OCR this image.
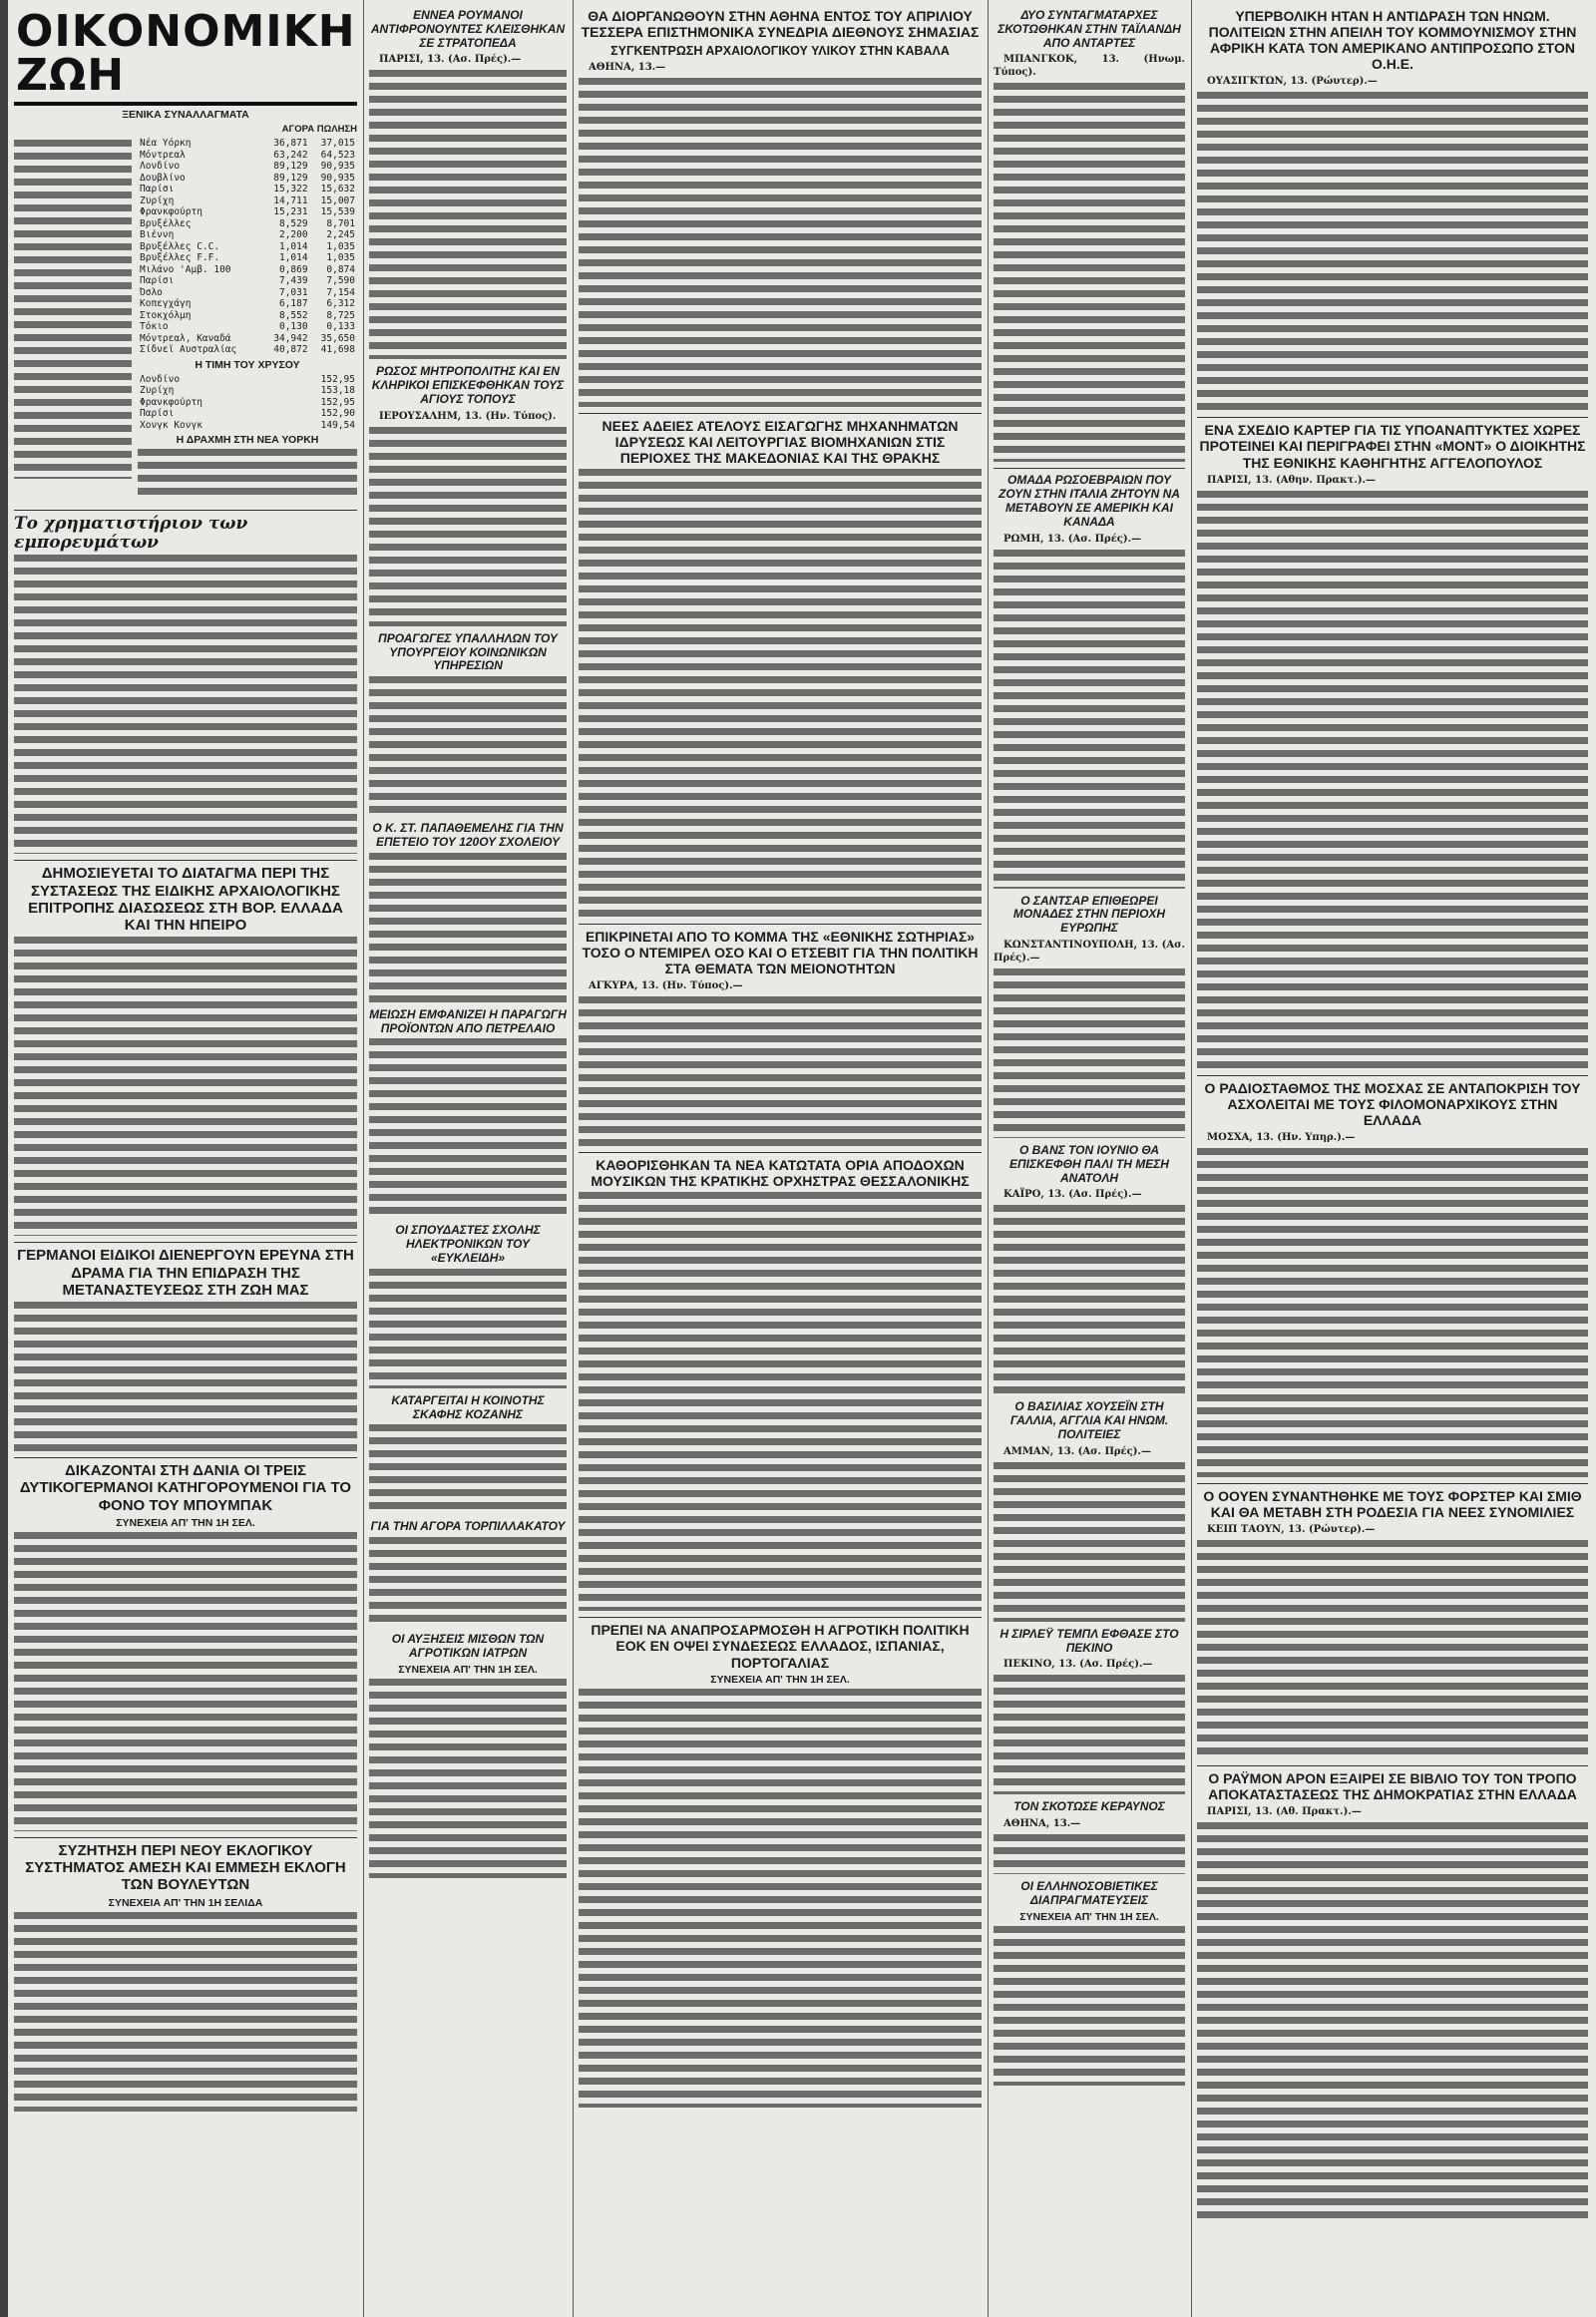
ΟΙΚΟΝΟΜΙΚΗ ΖΩΗ
ΞΕΝΙΚΑ ΣΥΝΑΛΛΑΓΜΑΤΑ
ΑΓΟΡΑ ΠΩΛΗΣΗ
Νέα Υόρκη	36,871	37,015
Μόντρεαλ	63,242	64,523
Λονδίνο	89,129	90,935
Δουβλίνο	89,129	90,935
Παρίσι	15,322	15,632
Ζυρίχη	14,711	15,007
Φρανκφούρτη	15,231	15,539
Βρυξέλλες	8,529	8,701
Βιέννη	2,200	2,245
Βρυξέλλες C.C.	1,014	1,035
Βρυξέλλες F.F.	1,014	1,035
Μιλάνο 'Αμβ. 100	0,869	0,874
Παρίσι	7,439	7,590
Όσλο	7,031	7,154
Κοπεγχάγη	6,187	6,312
Στοκχόλμη	8,552	8,725
Τόκιο	0,130	0,133
Μόντρεαλ, Καναδά	34,942	35,650
Σίδνεϊ Αυστραλίας	40,872	41,698
Η ΤΙΜΗ ΤΟΥ ΧΡΥΣΟΥ
Λονδίνο	152,95
Ζυρίχη	153,18
Φρανκφούρτη	152,95
Παρίσι	152,90
Χονγκ Κονγκ	149,54
Η ΔΡΑΧΜΗ ΣΤΗ ΝΕΑ ΥΟΡΚΗ
Το χρηματιστήριον των εμπορευμάτων
ΔΗΜΟΣΙΕΥΕΤΑΙ ΤΟ ΔΙΑΤΑΓΜΑ ΠΕΡΙ ΤΗΣ ΣΥΣΤΑΣΕΩΣ ΤΗΣ ΕΙΔΙΚΗΣ ΑΡΧΑΙΟΛΟΓΙΚΗΣ ΕΠΙΤΡΟΠΗΣ ΔΙΑΣΩΣΕΩΣ ΣΤΗ ΒΟΡ. ΕΛΛΑΔΑ ΚΑΙ ΤΗΝ ΗΠΕΙΡΟ
ΓΕΡΜΑΝΟΙ ΕΙΔΙΚΟΙ ΔΙΕΝΕΡΓΟΥΝ ΕΡΕΥΝΑ ΣΤΗ ΔΡΑΜΑ ΓΙΑ ΤΗΝ ΕΠΙΔΡΑΣΗ ΤΗΣ ΜΕΤΑΝΑΣΤΕΥΣΕΩΣ ΣΤΗ ΖΩΗ ΜΑΣ
ΔΙΚΑΖΟΝΤΑΙ ΣΤΗ ΔΑΝΙΑ ΟΙ ΤΡΕΙΣ ΔΥΤΙΚΟΓΕΡΜΑΝΟΙ ΚΑΤΗΓΟΡΟΥΜΕΝΟΙ ΓΙΑ ΤΟ ΦΟΝΟ ΤΟΥ ΜΠΟΥΜΠΑΚ
ΣΥΝΕΧΕΙΑ ΑΠ' ΤΗΝ 1Η ΣΕΛ.
ΣΥΖΗΤΗΣΗ ΠΕΡΙ ΝΕΟΥ ΕΚΛΟΓΙΚΟΥ ΣΥΣΤΗΜΑΤΟΣ ΑΜΕΣΗ ΚΑΙ ΕΜΜΕΣΗ ΕΚΛΟΓΗ ΤΩΝ ΒΟΥΛΕΥΤΩΝ
ΣΥΝΕΧΕΙΑ ΑΠ' ΤΗΝ 1Η ΣΕΛΙΔΑ
ΕΝΝΕΑ ΡΟΥΜΑΝΟΙ ΑΝΤΙΦΡΟΝΟΥΝΤΕΣ ΚΛΕΙΣΘΗΚΑΝ ΣΕ ΣΤΡΑΤΟΠΕΔΑ
ΠΑΡΙΣΙ, 13. (Ασ. Πρές).—
ΡΩΣΟΣ ΜΗΤΡΟΠΟΛΙΤΗΣ ΚΑΙ ΕΝ ΚΛΗΡΙΚΟΙ ΕΠΙΣΚΕΦΘΗΚΑΝ ΤΟΥΣ ΑΓΙΟΥΣ ΤΟΠΟΥΣ
ΙΕΡΟΥΣΑΛΗΜ, 13. (Ην. Τύπος).
ΠΡΟΑΓΩΓΕΣ ΥΠΑΛΛΗΛΩΝ ΤΟΥ ΥΠΟΥΡΓΕΙΟΥ ΚΟΙΝΩΝΙΚΩΝ ΥΠΗΡΕΣΙΩΝ
Ο Κ. ΣΤ. ΠΑΠΑΘΕΜΕΛΗΣ ΓΙΑ ΤΗΝ ΕΠΕΤΕΙΟ ΤΟΥ 120ΟΥ ΣΧΟΛΕΙΟΥ
ΜΕΙΩΣΗ ΕΜΦΑΝΙΖΕΙ Η ΠΑΡΑΓΩΓΗ ΠΡΟΪΟΝΤΩΝ ΑΠΟ ΠΕΤΡΕΛΑΙΟ
ΟΙ ΣΠΟΥΔΑΣΤΕΣ ΣΧΟΛΗΣ ΗΛΕΚΤΡΟΝΙΚΩΝ ΤΟΥ «ΕΥΚΛΕΙΔΗ»
ΚΑΤΑΡΓΕΙΤΑΙ Η ΚΟΙΝΟΤΗΣ ΣΚΑΦΗΣ ΚΟΖΑΝΗΣ
ΓΙΑ ΤΗΝ ΑΓΟΡΑ ΤΟΡΠΙΛΛΑΚΑΤΟΥ
ΟΙ ΑΥΞΗΣΕΙΣ ΜΙΣΘΩΝ ΤΩΝ ΑΓΡΟΤΙΚΩΝ ΙΑΤΡΩΝ
ΣΥΝΕΧΕΙΑ ΑΠ' ΤΗΝ 1Η ΣΕΛ.
ΘΑ ΔΙΟΡΓΑΝΩΘΟΥΝ ΣΤΗΝ ΑΘΗΝΑ ΕΝΤΟΣ ΤΟΥ ΑΠΡΙΛΙΟΥ ΤΕΣΣΕΡΑ ΕΠΙΣΤΗΜΟΝΙΚΑ ΣΥΝΕΔΡΙΑ ΔΙΕΘΝΟΥΣ ΣΗΜΑΣΙΑΣ
ΣΥΓΚΕΝΤΡΩΣΗ ΑΡΧΑΙΟΛΟΓΙΚΟΥ ΥΛΙΚΟΥ ΣΤΗΝ ΚΑΒΑΛΑ
ΑΘΗΝΑ, 13.—
ΝΕΕΣ ΑΔΕΙΕΣ ΑΤΕΛΟΥΣ ΕΙΣΑΓΩΓΗΣ ΜΗΧΑΝΗΜΑΤΩΝ ΙΔΡΥΣΕΩΣ ΚΑΙ ΛΕΙΤΟΥΡΓΙΑΣ ΒΙΟΜΗΧΑΝΙΩΝ ΣΤΙΣ ΠΕΡΙΟΧΕΣ ΤΗΣ ΜΑΚΕΔΟΝΙΑΣ ΚΑΙ ΤΗΣ ΘΡΑΚΗΣ
ΕΠΙΚΡΙΝΕΤΑΙ ΑΠΟ ΤΟ ΚΟΜΜΑ ΤΗΣ «ΕΘΝΙΚΗΣ ΣΩΤΗΡΙΑΣ» ΤΟΣΟ Ο ΝΤΕΜΙΡΕΛ ΟΣΟ ΚΑΙ Ο ΕΤΣΕΒΙΤ ΓΙΑ ΤΗΝ ΠΟΛΙΤΙΚΗ ΣΤΑ ΘΕΜΑΤΑ ΤΩΝ ΜΕΙΟΝΟΤΗΤΩΝ
ΑΓΚΥΡΑ, 13. (Ην. Τύπος).—
ΚΑΘΟΡΙΣΘΗΚΑΝ ΤΑ ΝΕΑ ΚΑΤΩΤΑΤΑ ΟΡΙΑ ΑΠΟΔΟΧΩΝ ΜΟΥΣΙΚΩΝ ΤΗΣ ΚΡΑΤΙΚΗΣ ΟΡΧΗΣΤΡΑΣ ΘΕΣΣΑΛΟΝΙΚΗΣ
ΠΡΕΠΕΙ ΝΑ ΑΝΑΠΡΟΣΑΡΜΟΣΘΗ Η ΑΓΡΟΤΙΚΗ ΠΟΛΙΤΙΚΗ ΕΟΚ ΕΝ ΟΨΕΙ ΣΥΝΔΕΣΕΩΣ ΕΛΛΑΔΟΣ, ΙΣΠΑΝΙΑΣ, ΠΟΡΤΟΓΑΛΙΑΣ
ΣΥΝΕΧΕΙΑ ΑΠ' ΤΗΝ 1Η ΣΕΛ.
ΔΥΟ ΣΥΝΤΑΓΜΑΤΑΡΧΕΣ ΣΚΟΤΩΘΗΚΑΝ ΣΤΗΝ ΤΑΪΛΑΝΔΗ ΑΠΟ ΑΝΤΑΡΤΕΣ
ΜΠΑΝΓΚΟΚ, 13. (Ηνωμ. Τύπος).
ΟΜΑΔΑ ΡΩΣΟΕΒΡΑΙΩΝ ΠΟΥ ΖΟΥΝ ΣΤΗΝ ΙΤΑΛΙΑ ΖΗΤΟΥΝ ΝΑ ΜΕΤΑΒΟΥΝ ΣΕ ΑΜΕΡΙΚΗ ΚΑΙ ΚΑΝΑΔΑ
ΡΩΜΗ, 13. (Ασ. Πρές).—
Ο ΣΑΝΤΣΑΡ ΕΠΙΘΕΩΡΕΙ ΜΟΝΑΔΕΣ ΣΤΗΝ ΠΕΡΙΟΧΗ ΕΥΡΩΠΗΣ
ΚΩΝΣΤΑΝΤΙΝΟΥΠΟΛΗ, 13. (Ασ. Πρές).—
Ο ΒΑΝΣ ΤΟΝ ΙΟΥΝΙΟ ΘΑ ΕΠΙΣΚΕΦΘΗ ΠΑΛΙ ΤΗ ΜΕΣΗ ΑΝΑΤΟΛΗ
ΚΑΪΡΟ, 13. (Ασ. Πρές).—
Ο ΒΑΣΙΛΙΑΣ ΧΟΥΣΕΪΝ ΣΤΗ ΓΑΛΛΙΑ, ΑΓΓΛΙΑ ΚΑΙ ΗΝΩΜ. ΠΟΛΙΤΕΙΕΣ
ΑΜΜΑΝ, 13. (Ασ. Πρές).—
Η ΣΙΡΛΕΫ ΤΕΜΠΛ ΕΦΘΑΣΕ ΣΤΟ ΠΕΚΙΝΟ
ΠΕΚΙΝΟ, 13. (Ασ. Πρές).—
ΤΟΝ ΣΚΟΤΩΣΕ ΚΕΡΑΥΝΟΣ
ΑΘΗΝΑ, 13.—
ΟΙ ΕΛΛΗΝΟΣΟΒΙΕΤΙΚΕΣ ΔΙΑΠΡΑΓΜΑΤΕΥΣΕΙΣ
ΣΥΝΕΧΕΙΑ ΑΠ' ΤΗΝ 1Η ΣΕΛ.
ΥΠΕΡΒΟΛΙΚΗ ΗΤΑΝ Η ΑΝΤΙΔΡΑΣΗ ΤΩΝ ΗΝΩΜ. ΠΟΛΙΤΕΙΩΝ ΣΤΗΝ ΑΠΕΙΛΗ ΤΟΥ ΚΟΜΜΟΥΝΙΣΜΟΥ ΣΤΗΝ ΑΦΡΙΚΗ ΚΑΤΑ ΤΟΝ ΑΜΕΡΙΚΑΝΟ ΑΝΤΙΠΡΟΣΩΠΟ ΣΤΟΝ Ο.Η.Ε.
ΟΥΑΣΙΓΚΤΩΝ, 13. (Ρώυτερ).—
ΕΝΑ ΣΧΕΔΙΟ ΚΑΡΤΕΡ ΓΙΑ ΤΙΣ ΥΠΟΑΝΑΠΤΥΚΤΕΣ ΧΩΡΕΣ ΠΡΟΤΕΙΝΕΙ ΚΑΙ ΠΕΡΙΓΡΑΦΕΙ ΣΤΗΝ «ΜΟΝΤ» Ο ΔΙΟΙΚΗΤΗΣ ΤΗΣ ΕΘΝΙΚΗΣ ΚΑΘΗΓΗΤΗΣ ΑΓΓΕΛΟΠΟΥΛΟΣ
ΠΑΡΙΣΙ, 13. (Αθην. Πρακτ.).—
Ο ΡΑΔΙΟΣΤΑΘΜΟΣ ΤΗΣ ΜΟΣΧΑΣ ΣΕ ΑΝΤΑΠΟΚΡΙΣΗ ΤΟΥ ΑΣΧΟΛΕΙΤΑΙ ΜΕ ΤΟΥΣ ΦΙΛΟΜΟΝΑΡΧΙΚΟΥΣ ΣΤΗΝ ΕΛΛΑΔΑ
ΜΟΣΧΑ, 13. (Ην. Υπηρ.).—
Ο ΟΟΥΕΝ ΣΥΝΑΝΤΗΘΗΚΕ ΜΕ ΤΟΥΣ ΦΟΡΣΤΕΡ ΚΑΙ ΣΜΙΘ ΚΑΙ ΘΑ ΜΕΤΑΒΗ ΣΤΗ ΡΟΔΕΣΙΑ ΓΙΑ ΝΕΕΣ ΣΥΝΟΜΙΛΙΕΣ
ΚΕΙΠ ΤΑΟΥΝ, 13. (Ρώυτερ).—
Ο ΡΑΫΜΟΝ ΑΡΟΝ ΕΞΑΙΡΕΙ ΣΕ ΒΙΒΛΙΟ ΤΟΥ ΤΟΝ ΤΡΟΠΟ ΑΠΟΚΑΤΑΣΤΑΣΕΩΣ ΤΗΣ ΔΗΜΟΚΡΑΤΙΑΣ ΣΤΗΝ ΕΛΛΑΔΑ
ΠΑΡΙΣΙ, 13. (Αθ. Πρακτ.).—
